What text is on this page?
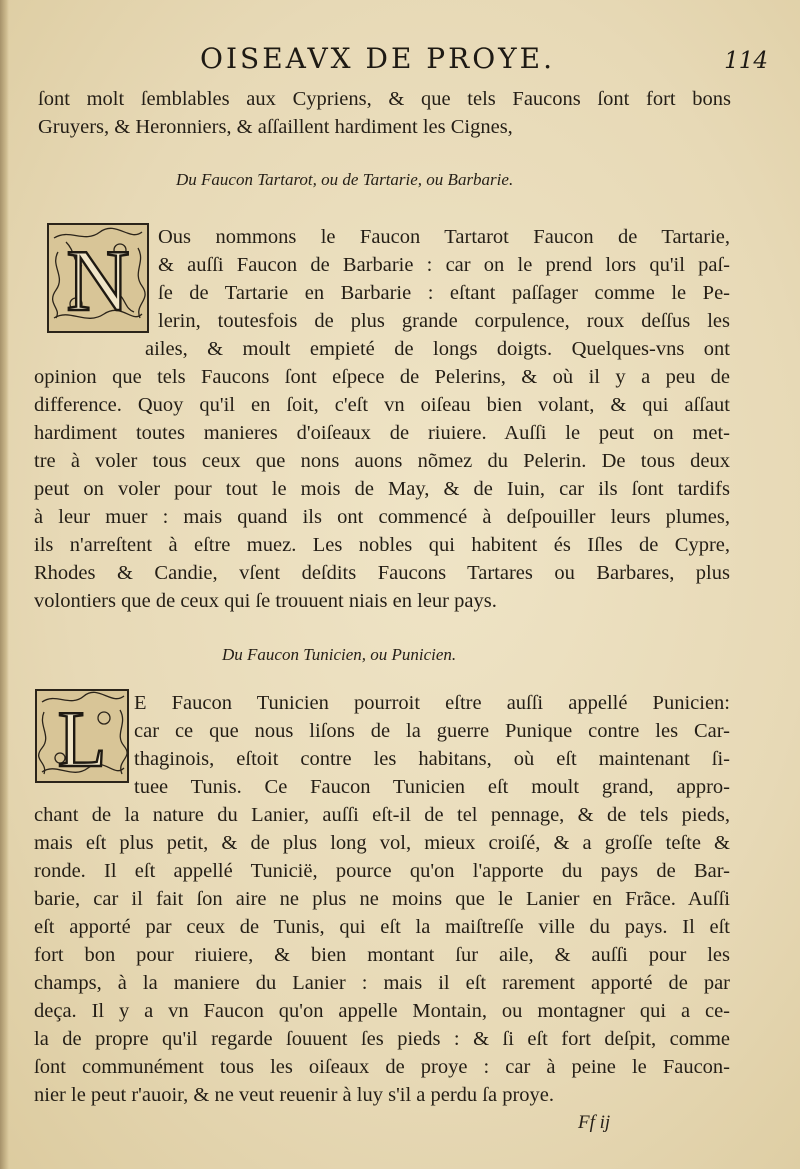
OISEAVX DE PROYE.	114
ſont molt ſemblables aux Cypriens, & que tels Faucons ſont fort bons
Gruyers, & Heronniers, & aſſaillent hardiment les Cignes,
Du Faucon Tartarot, ou de Tartarie, ou Barbarie.
N Ous nommons le Faucon Tartarot Faucon de Tartarie,
& auſſi Faucon de Barbarie : car on le prend lors qu'il paſ-
ſe de Tartarie en Barbarie : eſtant paſſager comme le Pe-
lerin, toutesfois de plus grande corpulence, roux deſſus les
ailes, & moult empieté de longs doigts. Quelques-vns ont
opinion que tels Faucons ſont eſpece de Pelerins, & où il y a peu de
difference. Quoy qu'il en ſoit, c'eſt vn oiſeau bien volant, & qui aſſaut
hardiment toutes manieres d'oiſeaux de riuiere. Auſſi le peut on met-
tre à voler tous ceux que nons auons nõmez du Pelerin. De tous deux
peut on voler pour tout le mois de May, & de Iuin, car ils ſont tardifs
à leur muer : mais quand ils ont commencé à deſpouiller leurs plumes,
ils n'arreſtent à eſtre muez. Les nobles qui habitent és Iſles de Cypre,
Rhodes & Candie, vſent deſdits Faucons Tartares ou Barbares, plus
volontiers que de ceux qui ſe trouuent niais en leur pays.
Du Faucon Tunicien, ou Punicien.
L E Faucon Tunicien pourroit eſtre auſſi appellé Punicien:
car ce que nous liſons de la guerre Punique contre les Car-
thaginois, eſtoit contre les habitans, où eſt maintenant ſi-
tuee Tunis. Ce Faucon Tunicien eſt moult grand, appro-
chant de la nature du Lanier, auſſi eſt-il de tel pennage, & de tels pieds,
mais eſt plus petit, & de plus long vol, mieux croiſé, & a groſſe teſte &
ronde. Il eſt appellé Tunicië, pource qu'on l'apporte du pays de Bar-
barie, car il fait ſon aire ne plus ne moins que le Lanier en Frãce. Auſſi
eſt apporté par ceux de Tunis, qui eſt la maiſtreſſe ville du pays. Il eſt
fort bon pour riuiere, & bien montant ſur aile, & auſſi pour les
champs, à la maniere du Lanier : mais il eſt rarement apporté de par
deça. Il y a vn Faucon qu'on appelle Montain, ou montagner qui a ce-
la de propre qu'il regarde ſouuent ſes pieds : & ſi eſt fort deſpit, comme
ſont communément tous les oiſeaux de proye : car à peine le Faucon-
nier le peut r'auoir, & ne veut reuenir à luy s'il a perdu ſa proye.
Ff ij
